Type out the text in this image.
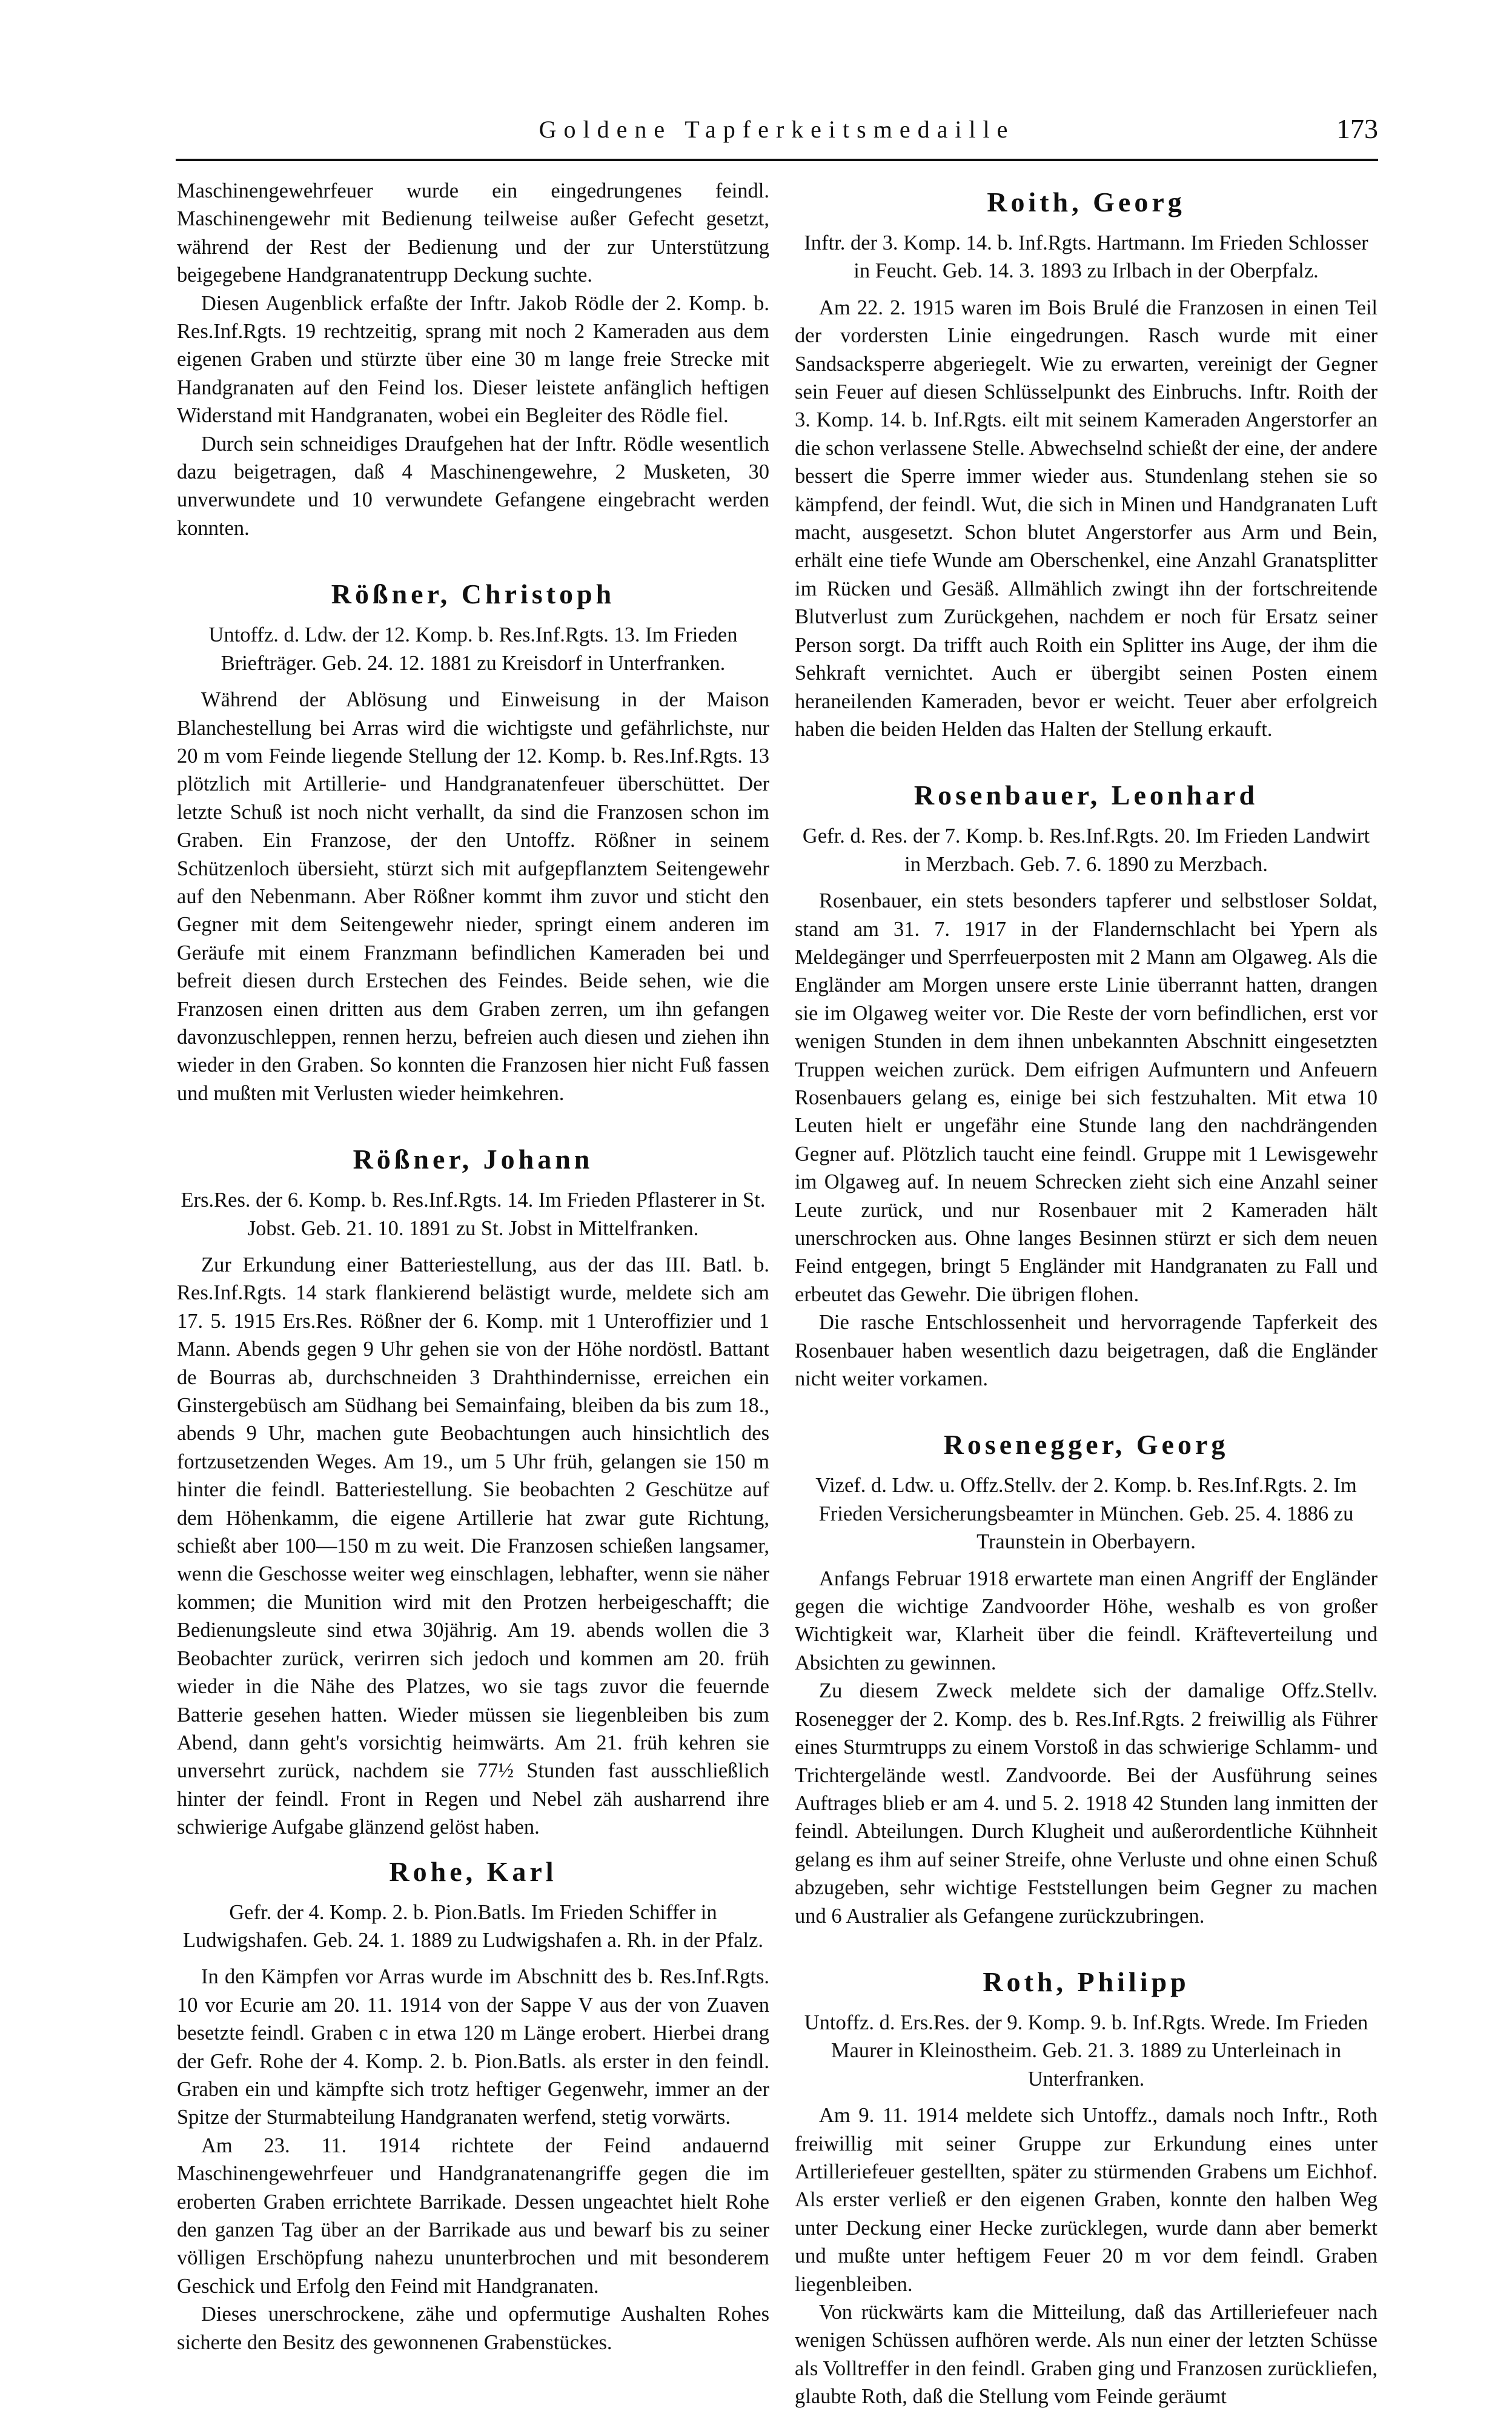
Goldene Tapferkeitsmedaille	173

Maschinengewehrfeuer wurde ein eingedrungenes feindl. Maschinengewehr mit Bedienung teilweise außer Gefecht gesetzt, während der Rest der Bedienung und der zur Unterstützung beigegebene Handgranatentrupp Deckung suchte.

Diesen Augenblick erfaßte der Inftr. Jakob Rödle der 2. Komp. b. Res.Inf.Rgts. 19 rechtzeitig, sprang mit noch 2 Kameraden aus dem eigenen Graben und stürzte über eine 30 m lange freie Strecke mit Handgranaten auf den Feind los. Dieser leistete anfänglich heftigen Widerstand mit Handgranaten, wobei ein Begleiter des Rödle fiel.

Durch sein schneidiges Draufgehen hat der Inftr. Rödle wesentlich dazu beigetragen, daß 4 Maschinengewehre, 2 Musketen, 30 unverwundete und 10 verwundete Gefangene eingebracht werden konnten.

Rößner, Christoph

Untoffz. d. Ldw. der 12. Komp. b. Res.Inf.Rgts. 13. Im Frieden Briefträger. Geb. 24. 12. 1881 zu Kreisdorf in Unterfranken.

Während der Ablösung und Einweisung in der Maison Blanchestellung bei Arras wird die wichtigste und gefährlichste, nur 20 m vom Feinde liegende Stellung der 12. Komp. b. Res.Inf.Rgts. 13 plötzlich mit Artillerie- und Handgranatenfeuer überschüttet. Der letzte Schuß ist noch nicht verhallt, da sind die Franzosen schon im Graben. Ein Franzose, der den Untoffz. Rößner in seinem Schützenloch übersieht, stürzt sich mit aufgepflanztem Seitengewehr auf den Nebenmann. Aber Rößner kommt ihm zuvor und sticht den Gegner mit dem Seitengewehr nieder, springt einem anderen im Geräufe mit einem Franzmann befindlichen Kameraden bei und befreit diesen durch Erstechen des Feindes. Beide sehen, wie die Franzosen einen dritten aus dem Graben zerren, um ihn gefangen davonzuschleppen, rennen herzu, befreien auch diesen und ziehen ihn wieder in den Graben. So konnten die Franzosen hier nicht Fuß fassen und mußten mit Verlusten wieder heimkehren.

Rößner, Johann

Ers.Res. der 6. Komp. b. Res.Inf.Rgts. 14. Im Frieden Pflasterer in St. Jobst. Geb. 21. 10. 1891 zu St. Jobst in Mittelfranken.

Zur Erkundung einer Batteriestellung, aus der das III. Batl. b. Res.Inf.Rgts. 14 stark flankierend belästigt wurde, meldete sich am 17. 5. 1915 Ers.Res. Rößner der 6. Komp. mit 1 Unteroffizier und 1 Mann. Abends gegen 9 Uhr gehen sie von der Höhe nordöstl. Battant de Bourras ab, durchschneiden 3 Drahthindernisse, erreichen ein Ginstergebüsch am Südhang bei Semainfaing, bleiben da bis zum 18., abends 9 Uhr, machen gute Beobachtungen auch hinsichtlich des fortzusetzenden Weges. Am 19., um 5 Uhr früh, gelangen sie 150 m hinter die feindl. Batteriestellung. Sie beobachten 2 Geschütze auf dem Höhenkamm, die eigene Artillerie hat zwar gute Richtung, schießt aber 100—150 m zu weit. Die Franzosen schießen langsamer, wenn die Geschosse weiter weg einschlagen, lebhafter, wenn sie näher kommen; die Munition wird mit den Protzen herbeigeschafft; die Bedienungsleute sind etwa 30jährig. Am 19. abends wollen die 3 Beobachter zurück, verirren sich jedoch und kommen am 20. früh wieder in die Nähe des Platzes, wo sie tags zuvor die feuernde Batterie gesehen hatten. Wieder müssen sie liegenbleiben bis zum Abend, dann geht's vorsichtig heimwärts. Am 21. früh kehren sie unversehrt zurück, nachdem sie 77½ Stunden fast ausschließlich hinter der feindl. Front in Regen und Nebel zäh ausharrend ihre schwierige Aufgabe glänzend gelöst haben.

Rohe, Karl

Gefr. der 4. Komp. 2. b. Pion.Batls. Im Frieden Schiffer in Ludwigshafen. Geb. 24. 1. 1889 zu Ludwigshafen a. Rh. in der Pfalz.

In den Kämpfen vor Arras wurde im Abschnitt des b. Res.Inf.Rgts. 10 vor Ecurie am 20. 11. 1914 von der Sappe V aus der von Zuaven besetzte feindl. Graben c in etwa 120 m Länge erobert. Hierbei drang der Gefr. Rohe der 4. Komp. 2. b. Pion.Batls. als erster in den feindl. Graben ein und kämpfte sich trotz heftiger Gegenwehr, immer an der Spitze der Sturmabteilung Handgranaten werfend, stetig vorwärts.

Am 23. 11. 1914 richtete der Feind andauernd Maschinengewehrfeuer und Handgranatenangriffe gegen die im eroberten Graben errichtete Barrikade. Dessen ungeachtet hielt Rohe den ganzen Tag über an der Barrikade aus und bewarf bis zu seiner völligen Erschöpfung nahezu ununterbrochen und mit besonderem Geschick und Erfolg den Feind mit Handgranaten.

Dieses unerschrockene, zähe und opfermutige Aushalten Rohes sicherte den Besitz des gewonnenen Grabenstückes.

Roith, Georg

Inftr. der 3. Komp. 14. b. Inf.Rgts. Hartmann. Im Frieden Schlosser in Feucht. Geb. 14. 3. 1893 zu Irlbach in der Oberpfalz.

Am 22. 2. 1915 waren im Bois Brulé die Franzosen in einen Teil der vordersten Linie eingedrungen. Rasch wurde mit einer Sandsacksperre abgeriegelt. Wie zu erwarten, vereinigt der Gegner sein Feuer auf diesen Schlüsselpunkt des Einbruchs. Inftr. Roith der 3. Komp. 14. b. Inf.Rgts. eilt mit seinem Kameraden Angerstorfer an die schon verlassene Stelle. Abwechselnd schießt der eine, der andere bessert die Sperre immer wieder aus. Stundenlang stehen sie so kämpfend, der feindl. Wut, die sich in Minen und Handgranaten Luft macht, ausgesetzt. Schon blutet Angerstorfer aus Arm und Bein, erhält eine tiefe Wunde am Oberschenkel, eine Anzahl Granatsplitter im Rücken und Gesäß. Allmählich zwingt ihn der fortschreitende Blutverlust zum Zurückgehen, nachdem er noch für Ersatz seiner Person sorgt. Da trifft auch Roith ein Splitter ins Auge, der ihm die Sehkraft vernichtet. Auch er übergibt seinen Posten einem heraneilenden Kameraden, bevor er weicht. Teuer aber erfolgreich haben die beiden Helden das Halten der Stellung erkauft.

Rosenbauer, Leonhard

Gefr. d. Res. der 7. Komp. b. Res.Inf.Rgts. 20. Im Frieden Landwirt in Merzbach. Geb. 7. 6. 1890 zu Merzbach.

Rosenbauer, ein stets besonders tapferer und selbstloser Soldat, stand am 31. 7. 1917 in der Flandernschlacht bei Ypern als Meldegänger und Sperrfeuerposten mit 2 Mann am Olgaweg. Als die Engländer am Morgen unsere erste Linie überrannt hatten, drangen sie im Olgaweg weiter vor. Die Reste der vorn befindlichen, erst vor wenigen Stunden in dem ihnen unbekannten Abschnitt eingesetzten Truppen weichen zurück. Dem eifrigen Aufmuntern und Anfeuern Rosenbauers gelang es, einige bei sich festzuhalten. Mit etwa 10 Leuten hielt er ungefähr eine Stunde lang den nachdrängenden Gegner auf. Plötzlich taucht eine feindl. Gruppe mit 1 Lewisgewehr im Olgaweg auf. In neuem Schrecken zieht sich eine Anzahl seiner Leute zurück, und nur Rosenbauer mit 2 Kameraden hält unerschrocken aus. Ohne langes Besinnen stürzt er sich dem neuen Feind entgegen, bringt 5 Engländer mit Handgranaten zu Fall und erbeutet das Gewehr. Die übrigen flohen.

Die rasche Entschlossenheit und hervorragende Tapferkeit des Rosenbauer haben wesentlich dazu beigetragen, daß die Engländer nicht weiter vorkamen.

Rosenegger, Georg

Vizef. d. Ldw. u. Offz.Stellv. der 2. Komp. b. Res.Inf.Rgts. 2. Im Frieden Versicherungsbeamter in München. Geb. 25. 4. 1886 zu Traunstein in Oberbayern.

Anfangs Februar 1918 erwartete man einen Angriff der Engländer gegen die wichtige Zandvoorder Höhe, weshalb es von großer Wichtigkeit war, Klarheit über die feindl. Kräfteverteilung und Absichten zu gewinnen.

Zu diesem Zweck meldete sich der damalige Offz.Stellv. Rosenegger der 2. Komp. des b. Res.Inf.Rgts. 2 freiwillig als Führer eines Sturmtrupps zu einem Vorstoß in das schwierige Schlamm- und Trichtergelände westl. Zandvoorde. Bei der Ausführung seines Auftrages blieb er am 4. und 5. 2. 1918 42 Stunden lang inmitten der feindl. Abteilungen. Durch Klugheit und außerordentliche Kühnheit gelang es ihm auf seiner Streife, ohne Verluste und ohne einen Schuß abzugeben, sehr wichtige Feststellungen beim Gegner zu machen und 6 Australier als Gefangene zurückzubringen.

Roth, Philipp

Untoffz. d. Ers.Res. der 9. Komp. 9. b. Inf.Rgts. Wrede. Im Frieden Maurer in Kleinostheim. Geb. 21. 3. 1889 zu Unterleinach in Unterfranken.

Am 9. 11. 1914 meldete sich Untoffz., damals noch Inftr., Roth freiwillig mit seiner Gruppe zur Erkundung eines unter Artilleriefeuer gestellten, später zu stürmenden Grabens um Eichhof. Als erster verließ er den eigenen Graben, konnte den halben Weg unter Deckung einer Hecke zurücklegen, wurde dann aber bemerkt und mußte unter heftigem Feuer 20 m vor dem feindl. Graben liegenbleiben.

Von rückwärts kam die Mitteilung, daß das Artilleriefeuer nach wenigen Schüssen aufhören werde. Als nun einer der letzten Schüsse als Volltreffer in den feindl. Graben ging und Franzosen zurückliefen, glaubte Roth, daß die Stellung vom Feinde geräumt
